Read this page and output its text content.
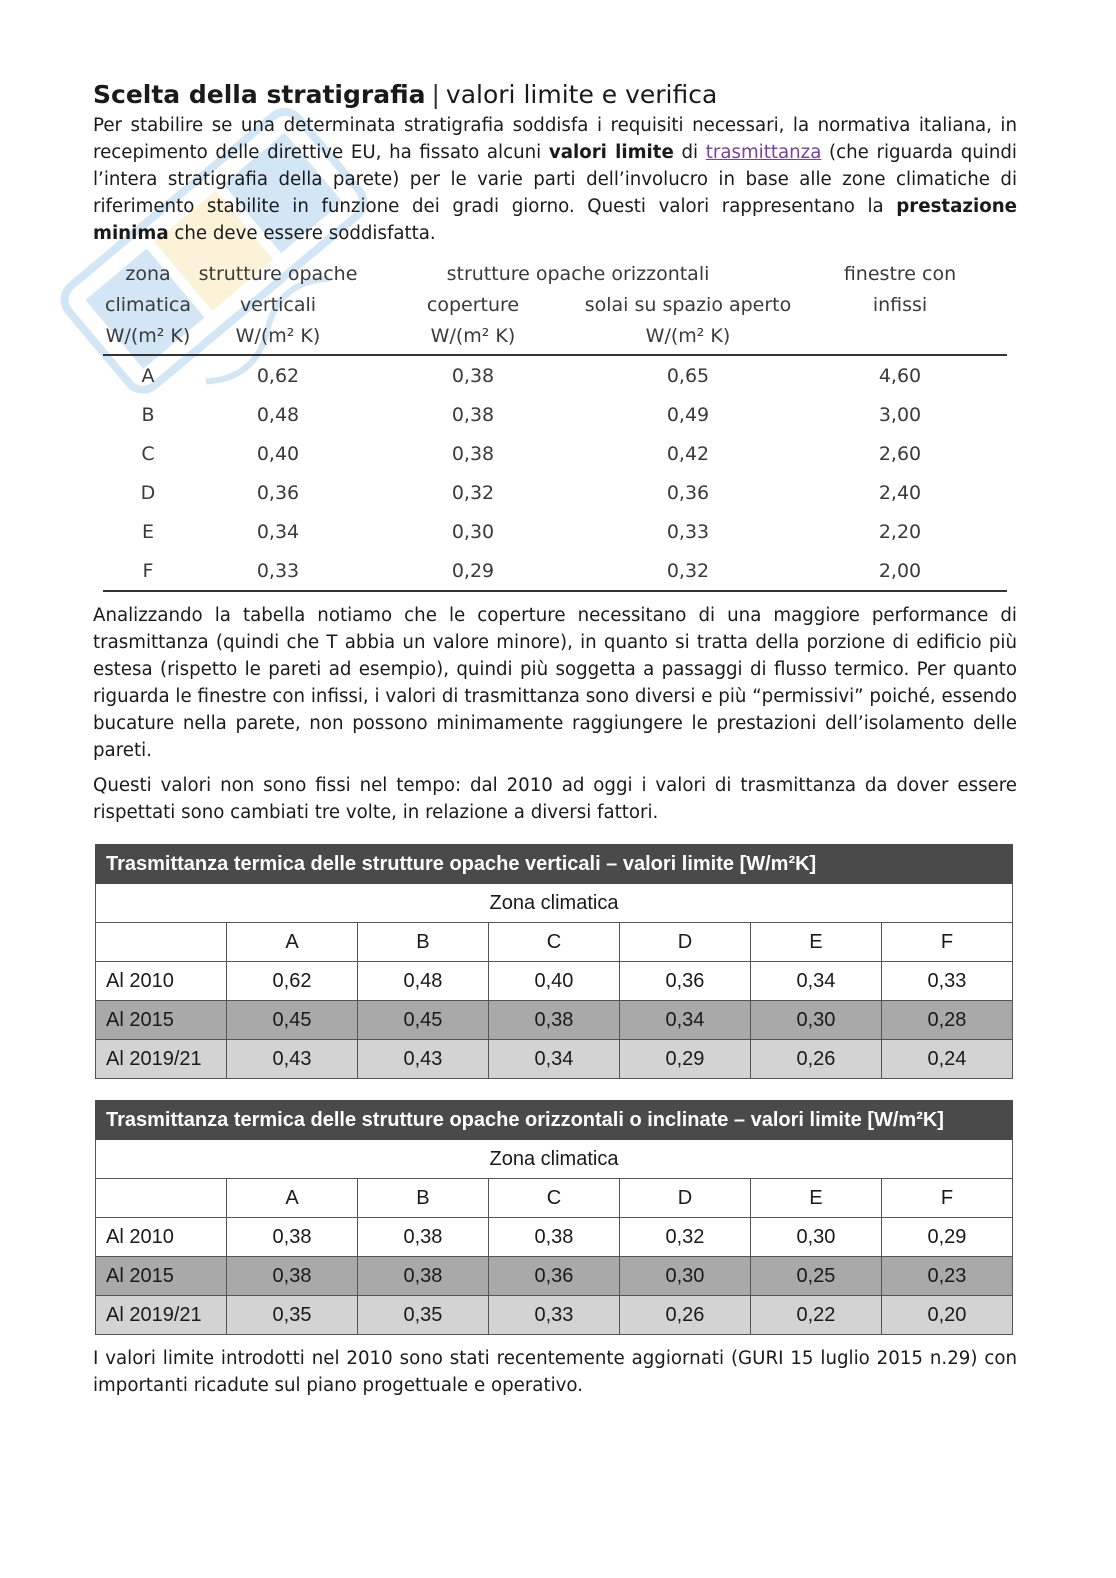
Scelta della stratigrafia | valori limite e verifica

Per stabilire se una determinata stratigrafia soddisfa i requisiti necessari, la normativa italiana, in recepimento delle direttive EU, ha fissato alcuni valori limite di trasmittanza (che riguarda quindi l’intera stratigrafia della parete) per le varie parti dell’involucro in base alle zone climatiche di riferimento stabilite in funzione dei gradi giorno. Questi valori rappresentano la prestazione minima che deve essere soddisfatta.

zona	strutture opache	strutture opache orizzontali		finestre con
climatica	verticali	coperture	solai su spazio aperto	infissi
W/(m² K)	W/(m² K)	W/(m² K)	W/(m² K)	
A	0,62	0,38	0,65	4,60
B	0,48	0,38	0,49	3,00
C	0,40	0,38	0,42	2,60
D	0,36	0,32	0,36	2,40
E	0,34	0,30	0,33	2,20
F	0,33	0,29	0,32	2,00

Analizzando la tabella notiamo che le coperture necessitano di una maggiore performance di trasmittanza (quindi che T abbia un valore minore), in quanto si tratta della porzione di edificio più estesa (rispetto le pareti ad esempio), quindi più soggetta a passaggi di flusso termico. Per quanto riguarda le finestre con infissi, i valori di trasmittanza sono diversi e più “permissivi” poiché, essendo bucature nella parete, non possono minimamente raggiungere le prestazioni dell’isolamento delle pareti.

Questi valori non sono fissi nel tempo: dal 2010 ad oggi i valori di trasmittanza da dover essere rispettati sono cambiati tre volte, in relazione a diversi fattori.

Trasmittanza termica delle strutture opache verticali – valori limite [W/m²K]						
Zona climatica						
	A	B	C	D	E	F
Al 2010	0,62	0,48	0,40	0,36	0,34	0,33
Al 2015	0,45	0,45	0,38	0,34	0,30	0,28
Al 2019/21	0,43	0,43	0,34	0,29	0,26	0,24
Trasmittanza termica delle strutture opache orizzontali o inclinate – valori limite [W/m²K]						
Zona climatica						
	A	B	C	D	E	F
Al 2010	0,38	0,38	0,38	0,32	0,30	0,29
Al 2015	0,38	0,38	0,36	0,30	0,25	0,23
Al 2019/21	0,35	0,35	0,33	0,26	0,22	0,20

I valori limite introdotti nel 2010 sono stati recentemente aggiornati (GURI 15 luglio 2015 n.29) con importanti ricadute sul piano progettuale e operativo.
